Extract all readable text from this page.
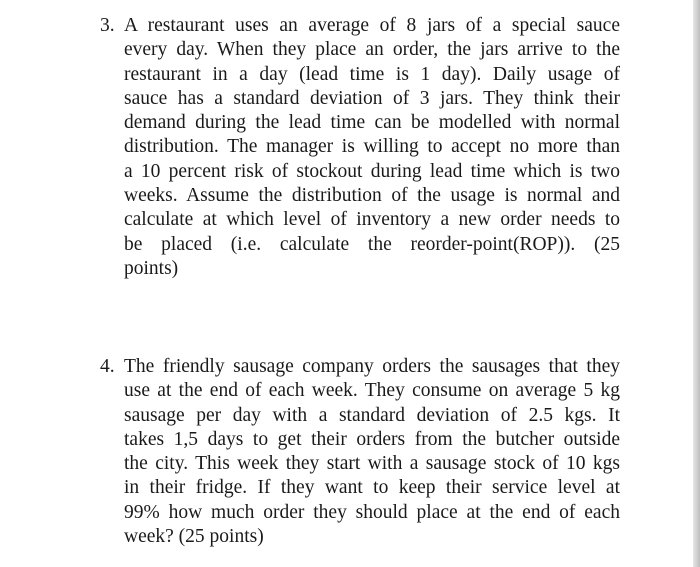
3. A restaurant uses an average of 8 jars of a special sauce
every day. When they place an order, the jars arrive to the
restaurant in a day (lead time is 1 day). Daily usage of
sauce has a standard deviation of 3 jars. They think their
demand during the lead time can be modelled with normal
distribution. The manager is willing to accept no more than
a 10 percent risk of stockout during lead time which is two
weeks. Assume the distribution of the usage is normal and
calculate at which level of inventory a new order needs to
be placed (i.e. calculate the reorder-point(ROP)). (25
points)
4. The friendly sausage company orders the sausages that they
use at the end of each week. They consume on average 5 kg
sausage per day with a standard deviation of 2.5 kgs. It
takes 1,5 days to get their orders from the butcher outside
the city. This week they start with a sausage stock of 10 kgs
in their fridge. If they want to keep their service level at
99% how much order they should place at the end of each
week? (25 points)
